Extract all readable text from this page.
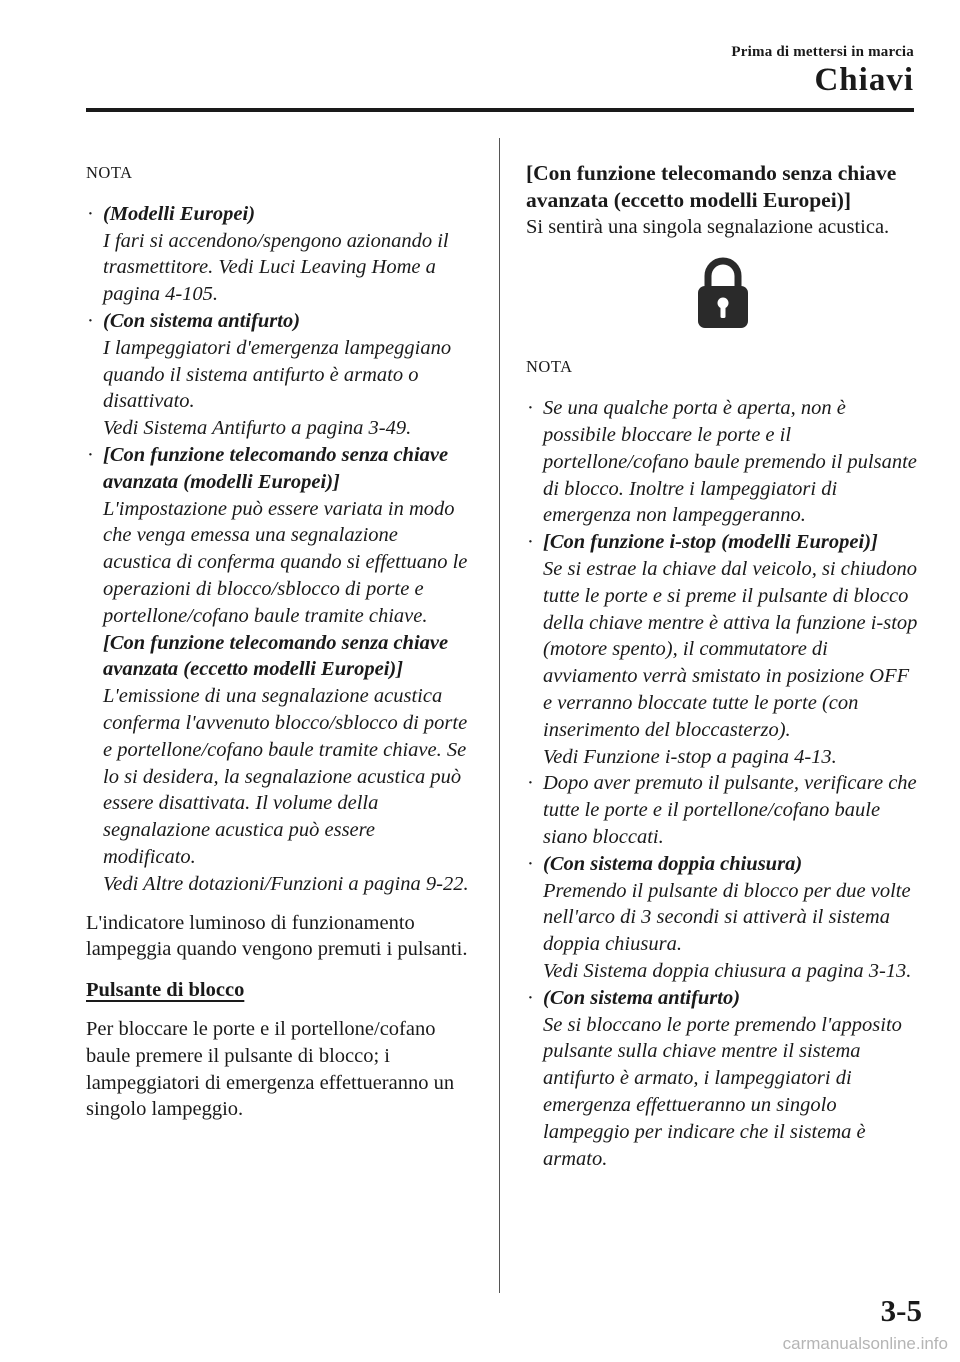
Prima di mettersi in marcia
Chiavi
NOTA
· (Modelli Europei)
I fari si accendono/spengono azionando il trasmettitore. Vedi Luci Leaving Home a pagina 4-105.
· (Con sistema antifurto)
I lampeggiatori d'emergenza lampeggiano quando il sistema antifurto è armato o disattivato.
Vedi Sistema Antifurto a pagina 3-49.
· [Con funzione telecomando senza chiave avanzata (modelli Europei)]
L'impostazione può essere variata in modo che venga emessa una segnalazione acustica di conferma quando si effettuano le operazioni di blocco/sblocco di porte e portellone/cofano baule tramite chiave.
[Con funzione telecomando senza chiave avanzata (eccetto modelli Europei)]
L'emissione di una segnalazione acustica conferma l'avvenuto blocco/sblocco di porte e portellone/cofano baule tramite chiave. Se lo si desidera, la segnalazione acustica può essere disattivata. Il volume della segnalazione acustica può essere modificato.
Vedi Altre dotazioni/Funzioni a pagina 9-22.

L'indicatore luminoso di funzionamento lampeggia quando vengono premuti i pulsanti.

Pulsante di blocco

Per bloccare le porte e il portellone/cofano baule premere il pulsante di blocco; i lampeggiatori di emergenza effettueranno un singolo lampeggio.

[Con funzione telecomando senza chiave avanzata (eccetto modelli Europei)]

Si sentirà una singola segnalazione acustica.

NOTA
· Se una qualche porta è aperta, non è possibile bloccare le porte e il portellone/cofano baule premendo il pulsante di blocco. Inoltre i lampeggiatori di emergenza non lampeggeranno.
· [Con funzione i-stop (modelli Europei)]
Se si estrae la chiave dal veicolo, si chiudono tutte le porte e si preme il pulsante di blocco della chiave mentre è attiva la funzione i-stop (motore spento), il commutatore di avviamento verrà smistato in posizione OFF e verranno bloccate tutte le porte (con inserimento del bloccasterzo).
Vedi Funzione i-stop a pagina 4-13.
· Dopo aver premuto il pulsante, verificare che tutte le porte e il portellone/cofano baule siano bloccati.
· (Con sistema doppia chiusura)
Premendo il pulsante di blocco per due volte nell'arco di 3 secondi si attiverà il sistema doppia chiusura.
Vedi Sistema doppia chiusura a pagina 3-13.
· (Con sistema antifurto)
Se si bloccano le porte premendo l'apposito pulsante sulla chiave mentre il sistema antifurto è armato, i lampeggiatori di emergenza effettueranno un singolo lampeggio per indicare che il sistema è armato.
3-5
carmanualsonline.info
